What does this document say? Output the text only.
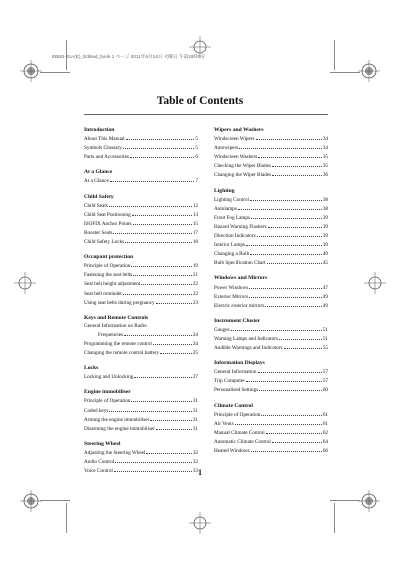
EBM1-EU-(E)_Editied_book 1 ページ 2011年6月14日 火曜日 午前10時0分
Table of Contents
Introduction
About This Manual	5
Symbols Glossary	5
Parts and Accessories	6
At a Glance
At a Glance	7
Child Safety
Child Seats	12
Child Seat Positioning	13
ISOFIX Anchor Points	15
Booster Seats	17
Child Safety Locks	18
Occupant protection
Principle of Operation	19
Fastening the seat belts	21
Seat belt height adjustment	22
Seat belt reminder	22
Using seat belts during pregnancy	23
Keys and Remote Controls
General Information on Radio
Frequencies	24
Programming the remote control	24
Changing the remote control battery	25
Locks
Locking and Unlocking	27
Engine immobiliser
Principle of Operation	31
Coded keys	31
Arming the engine immobiliser	31
Disarming the engine immobiliser	31
Steering Wheel
Adjusting the Steering Wheel	32
Audio Control	32
Voice Control	33
Wipers and Washers
Windscreen Wipers	34
Autowipers	34
Windscreen Washers	35
Checking the Wiper Blades	35
Changing the Wiper Blades	36
Lighting
Lighting Control	38
Autolamps	38
Front Fog Lamps	39
Hazard Warning Flashers	39
Direction Indicators	39
Interior Lamps	39
Changing a Bulb	40
Bulb Specification Chart	45
Windows and Mirrors
Power Windows	47
Exterior Mirrors	49
Electric exterior mirrors	49
Instrument Cluster
Gauges	51
Warning Lamps and Indicators	51
Audible Warnings and Indicators	55
Information Displays
General Information	57
Trip Computer	57
Personalised Settings	60
Climate Control
Principle of Operation	61
Air Vents	61
Manual Climate Control	62
Automatic Climate Control	64
Heated Windows	66
1
